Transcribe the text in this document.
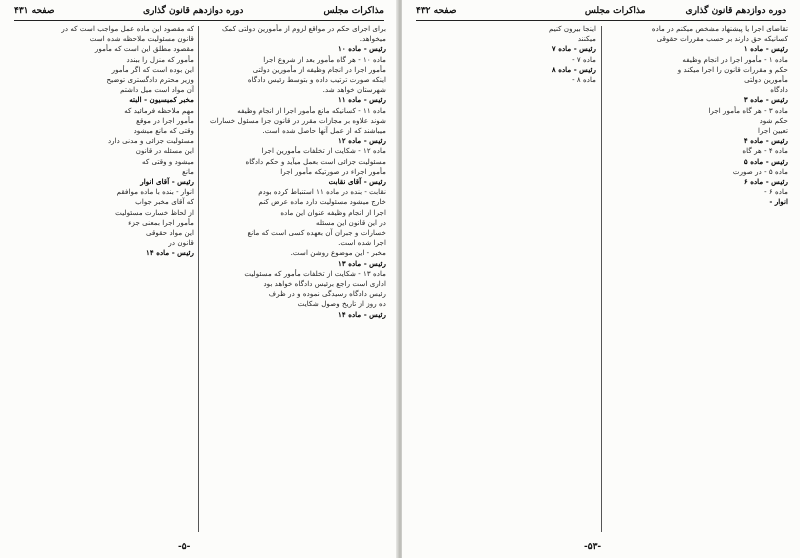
مذاکرات مجلس
دوره دوازدهم قانون گذاری
صفحه ۴۳۱
برای اجرای حکم در مواقع لزوم از مأمورین دولتی کمک
میخواهد.
رئیس - ماده ۱۰
ماده ۱۰ - هر گاه مأمور بعد از شروع اجرا
مأمور اجرا در انجام وظیفه از مأمورین دولتی
اینکه صورت ترتیب داده و بتوسط رئیس دادگاه
شهرستان خواهد شد.
رئیس - ماده ۱۱
ماده ۱۱ - کسانیکه مانع مأمور اجرا از انجام وظیفه
شوند علاوه بر مجازات مقرر در قانون جزا مسئول خسارات
میباشند که از عمل آنها حاصل شده است.
رئیس - ماده ۱۲
ماده ۱۲ - شکایت از تخلفات مأمورین اجرا
مسئولیت جزائی است بعمل میآید و حکم دادگاه
مأمور اجراء در صورتیکه مأمور اجرا
رئیس - آقای نقابت
نقابت - بنده در ماده ۱۱ استنباط کرده بودم
خارج میشود مسئولیت دارد ماده عرض کنم
اجرا از انجام وظیفه عنوان این ماده
در این قانون این مسئله
خسارات و جبران آن بعهده کسی است که مانع
اجرا شده است.
مخبر - این موضوع روشن است.
رئیس - ماده ۱۳
ماده ۱۳ - شکایت از تخلفات مأمور که مسئولیت
اداری است راجع برئیس دادگاه خواهد بود
رئیس دادگاه رسیدگی نموده و در ظرف
ده روز از تاریخ وصول شکایت
رئیس - ماده ۱۴
که مقصود این ماده عمل مواجب است که در
قانون مسئولیت ملاحظه شده است
مقصود مطلق این است که مأمور
مأمور که منزل را ببندد
این بوده است که اگر مأمور
وزیر محترم دادگستری توضیح
آن مواد است میل داشتم
مخبر کمیسیون - البته
مهم ملاحظه فرمائید که
مأمور اجرا در موقع
وقتی که مانع میشود
مسئولیت جزائی و مدنی دارد
این مسئله در قانون
میشود و وقتی که
مانع
رئیس - آقای انوار
انوار - بنده با ماده موافقم
که آقای مخبر جواب
از لحاظ خسارت مسئولیت
مأمور اجرا بمعنی جزء
این مواد حقوقی
قانون در
رئیس - ماده ۱۴
-۵-
دوره دوازدهم قانون گذاری
مذاکرات مجلس
صفحه ۴۳۲
تقاضای اجرا یا پیشنهاد مشخص میکنم در ماده
کسانیکه حق دارند بر حسب مقررات حقوقی
رئیس - ماده ۱
ماده ۱ - مأمور اجرا در انجام وظیفه
حکم و مقررات قانون را اجرا میکند و
مأمورین دولتی
دادگاه
رئیس - ماده ۳
ماده ۳ - هر گاه مأمور اجرا
حکم شود
تعیین اجرا
رئیس - ماده ۴
ماده ۴ - هر گاه
رئیس - ماده ۵
ماده ۵ - در صورت
رئیس - ماده ۶
ماده ۶ -
انوار -
اینجا بیرون کنیم
میکنند
رئیس - ماده ۷
ماده ۷ -
رئیس - ماده ۸
ماده ۸ -
-۵۳-
